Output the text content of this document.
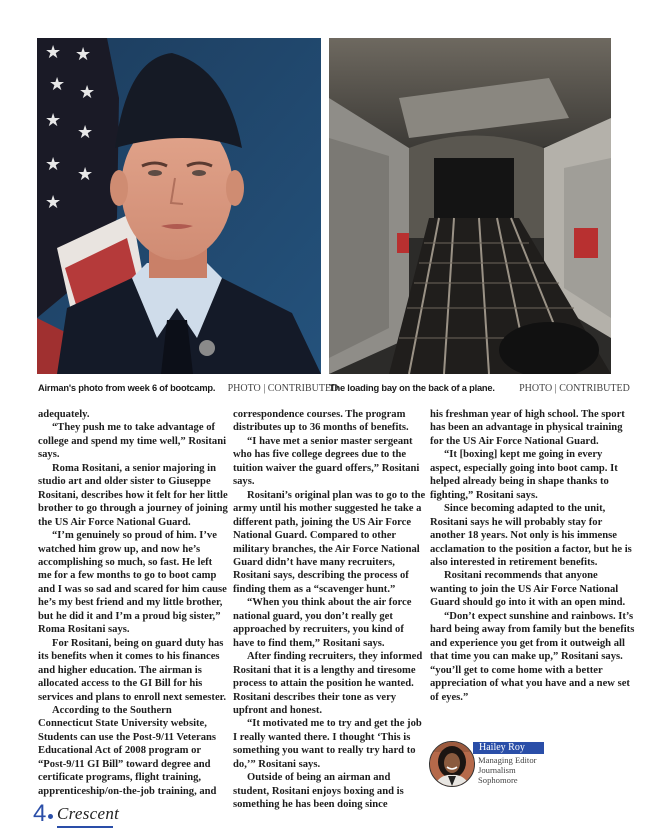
★ ★
★ ★
★
★
★ ★
★
Airman's photo from week 6 of bootcamp. PHOTO | CONTRIBUTED
The loading bay on the back of a plane. PHOTO | CONTRIBUTED

adequately.

“They push me to take advantage of college and spend my time well,” Rositani says.

Roma Rositani, a senior majoring in studio art and older sister to Giuseppe Rositani, describes how it felt for her little brother to go through a journey of joining the US Air Force National Guard.

“I’m genuinely so proud of him. I’ve watched him grow up, and now he’s accomplishing so much, so fast. He left me for a few months to go to boot camp and I was so sad and scared for him cause he’s my best friend and my little brother, but he did it and I’m a proud big sister,” Roma Rositani says.

For Rositani, being on guard duty has its benefits when it comes to his finances and higher education. The airman is allocated access to the GI Bill for his services and plans to enroll next semester.

According to the Southern Connecticut State University website, Students can use the Post-9/11 Veterans Educational Act of 2008 program or “Post-9/11 GI Bill” toward degree and certificate programs, flight training, apprenticeship/on-the-job training, and

correspondence courses. The program distributes up to 36 months of benefits.

“I have met a senior master sergeant who has five college degrees due to the tuition waiver the guard offers,” Rositani says.

Rositani’s original plan was to go to the army until his mother suggested he take a different path, joining the US Air Force National Guard. Compared to other military branches, the Air Force National Guard didn’t have many recruiters, Rositani says, describing the process of finding them as a “scavenger hunt.”

“When you think about the air force national guard, you don’t really get approached by recruiters, you kind of have to find them,” Rositani says.

After finding recruiters, they informed Rositani that it is a lengthy and tiresome process to attain the position he wanted. Rositani describes their tone as very upfront and honest.

“It motivated me to try and get the job I really wanted there. I thought ‘This is something you want to really try hard to do,’” Rositani says.

Outside of being an airman and student, Rositani enjoys boxing and is something he has been doing since

his freshman year of high school. The sport has been an advantage in physical training for the US Air Force National Guard.

“It [boxing] kept me going in every aspect, especially going into boot camp. It helped already being in shape thanks to fighting,” Rositani says.

Since becoming adapted to the unit, Rositani says he will probably stay for another 18 years. Not only is his immense acclamation to the position a factor, but he is also interested in retirement benefits.

Rositani recommends that anyone wanting to join the US Air Force National Guard should go into it with an open mind.

“Don’t expect sunshine and rainbows. It’s hard being away from family but the benefits and experience you get from it outweigh all that time you can make up,” Rositani says. “you’ll get to come home with a better appreciation of what you have and a new set of eyes.”

Hailey Roy
Managing Editor
Journalism
Sophomore
4 Crescent
